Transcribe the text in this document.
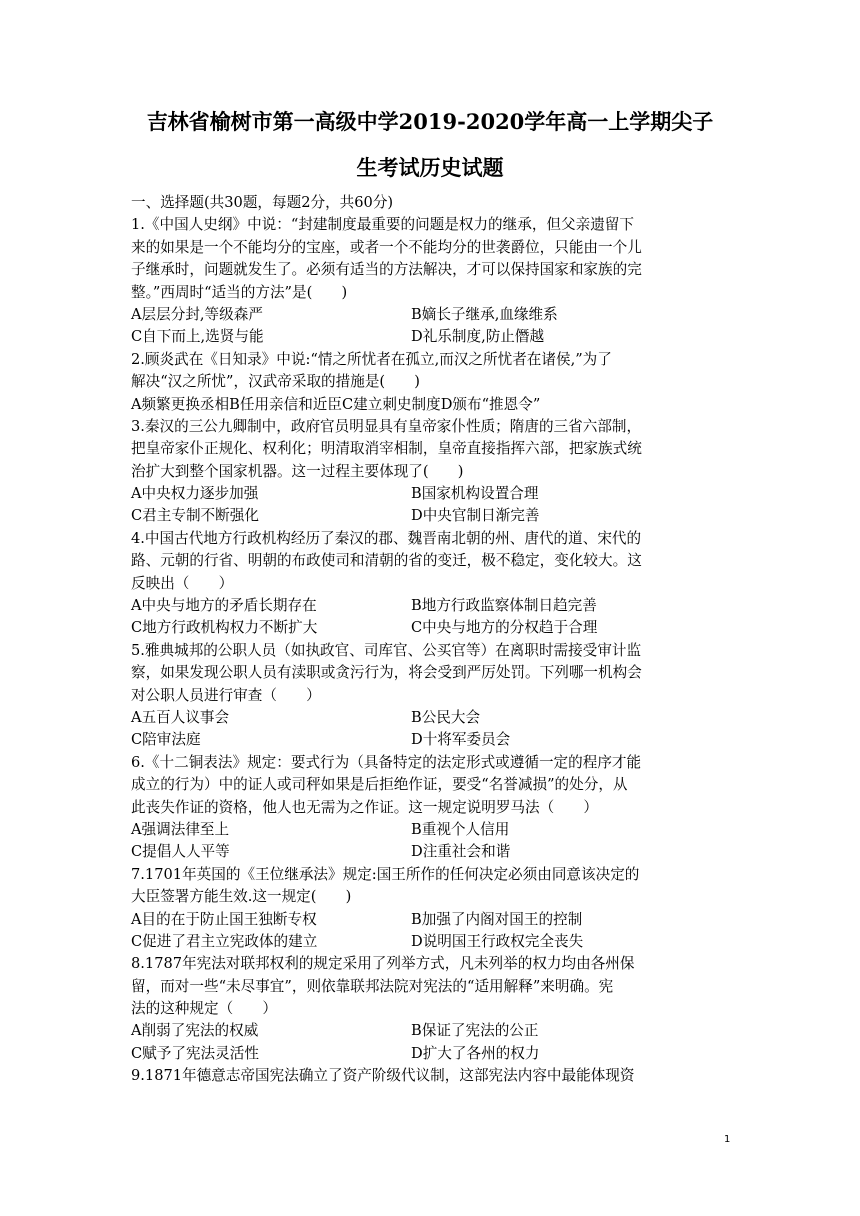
吉林省榆树市第一高级中学2019-2020学年高一上学期尖子
生考试历史试题
一、选择题(共30题，每题2分，共60分)
1.《中国人史纲》中说：“封建制度最重要的问题是权力的继承，但父亲遗留下
来的如果是一个不能均分的宝座，或者一个不能均分的世袭爵位，只能由一个儿
子继承时，问题就发生了。必须有适当的方法解决，才可以保持国家和家族的完
整。”西周时“适当的方法”是(　　)
A层层分封,等级森严	B嫡长子继承,血缘维系
C自下而上,选贤与能	D礼乐制度,防止僭越
2.顾炎武在《日知录》中说:“情之所忧者在孤立,而汉之所忧者在诸侯,”为了
解决“汉之所忧”，汉武帝采取的措施是(　　)
A频繁更换丞相B任用亲信和近臣C建立刺史制度D颁布“推恩令”
3.秦汉的三公九卿制中，政府官员明显具有皇帝家仆性质；隋唐的三省六部制，
把皇帝家仆正规化、权利化；明清取消宰相制，皇帝直接指挥六部，把家族式统
治扩大到整个国家机器。这一过程主要体现了(　　)
A中央权力逐步加强	B国家机构设置合理
C君主专制不断强化	D中央官制日渐完善
4.中国古代地方行政机构经历了秦汉的郡、魏晋南北朝的州、唐代的道、宋代的
路、元朝的行省、明朝的布政使司和清朝的省的变迁，极不稳定，变化较大。这
反映出（　　）
A中央与地方的矛盾长期存在	B地方行政监察体制日趋完善
C地方行政机构权力不断扩大	C中央与地方的分权趋于合理
5.雅典城邦的公职人员（如执政官、司库官、公买官等）在离职时需接受审计监
察，如果发现公职人员有渎职或贪污行为，将会受到严厉处罚。下列哪一机构会
对公职人员进行审查（　　）
A五百人议事会	B公民大会
C陪审法庭	D十将军委员会
6.《十二铜表法》规定：要式行为（具备特定的法定形式或遵循一定的程序才能
成立的行为）中的证人或司秤如果是后拒绝作证，要受“名誉减损”的处分，从
此丧失作证的资格，他人也无需为之作证。这一规定说明罗马法（　　）
A强调法律至上	B重视个人信用
C提倡人人平等	D注重社会和谐
7.1701年英国的《王位继承法》规定:国王所作的任何决定必须由同意该决定的
大臣签署方能生效.这一规定(　　)
A目的在于防止国王独断专权	B加强了内阁对国王的控制
C促进了君主立宪政体的建立	D说明国王行政权完全丧失
8.1787年宪法对联邦权利的规定采用了列举方式，凡未列举的权力均由各州保
留，而对一些“未尽事宜”，则依靠联邦法院对宪法的“适用解释”来明确。宪
法的这种规定（　　）
A削弱了宪法的权威	B保证了宪法的公正
C赋予了宪法灵活性	D扩大了各州的权力
9.1871年德意志帝国宪法确立了资产阶级代议制，这部宪法内容中最能体现资
1
